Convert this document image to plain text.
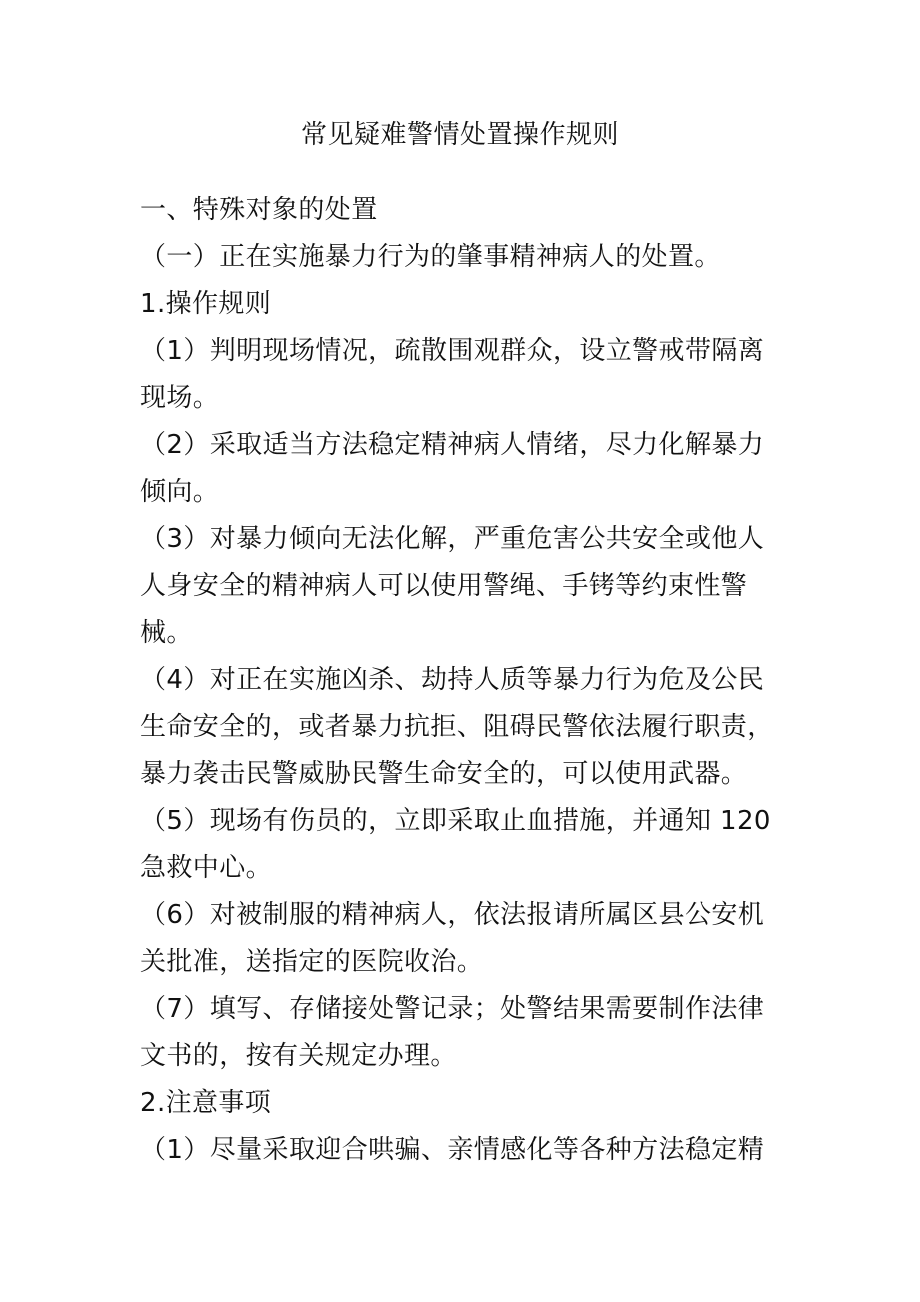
常见疑难警情处置操作规则

一、特殊对象的处置

（一）正在实施暴力行为的肇事精神病人的处置。

1.操作规则

（1）判明现场情况，疏散围观群众，设立警戒带隔离现场。

（2）采取适当方法稳定精神病人情绪，尽力化解暴力倾向。

（3）对暴力倾向无法化解，严重危害公共安全或他人人身安全的精神病人可以使用警绳、手铐等约束性警械。

（4）对正在实施凶杀、劫持人质等暴力行为危及公民生命安全的，或者暴力抗拒、阻碍民警依法履行职责，暴力袭击民警威胁民警生命安全的，可以使用武器。

（5）现场有伤员的，立即采取止血措施，并通知 120 急救中心。

（6）对被制服的精神病人，依法报请所属区县公安机关批准，送指定的医院收治。

（7）填写、存储接处警记录；处警结果需要制作法律文书的，按有关规定办理。

2.注意事项

（1）尽量采取迎合哄骗、亲情感化等各种方法稳定精
